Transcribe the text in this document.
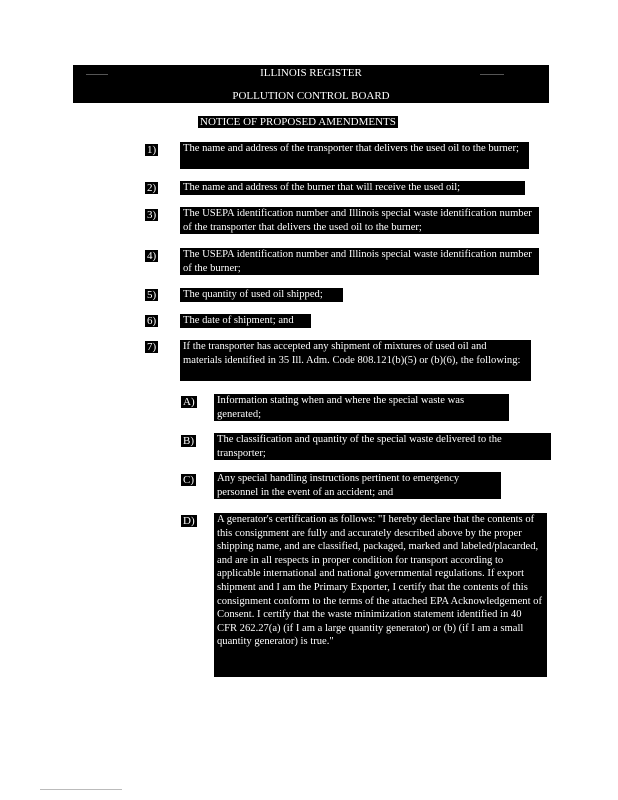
ILLINOIS REGISTER
POLLUTION CONTROL BOARD
NOTICE OF PROPOSED AMENDMENTS
1)	The name and address of the transporter that delivers the used oil to the burner;
2)	The name and address of the burner that will receive the used oil;
3)	The USEPA identification number and Illinois special waste identification number of the transporter that delivers the used oil to the burner;
4)	The USEPA identification number and Illinois special waste identification number of the burner;
5)	The quantity of used oil shipped;
6)	The date of shipment; and
7)	If the transporter has accepted any shipment of mixtures of used oil and materials identified in 35 Ill. Adm. Code 808.121(b)(5) or (b)(6), the following:
A) Information stating when and where the special waste was generated;
B) The classification and quantity of the special waste delivered to the transporter;
C) Any special handling instructions pertinent to emergency personnel in the event of an accident; and
D) A generator's certification as follows: "I hereby declare that the contents of this consignment are fully and accurately described above by the proper shipping name, and are classified, packaged, marked and labeled/placarded, and are in all respects in proper condition for transport according to applicable international and national governmental regulations. If export shipment and I am the Primary Exporter, I certify that the contents of this consignment conform to the terms of the attached EPA Acknowledgement of Consent. I certify that the waste minimization statement identified in 40 CFR 262.27(a) (if I am a large quantity generator) or (b) (if I am a small quantity generator) is true."
